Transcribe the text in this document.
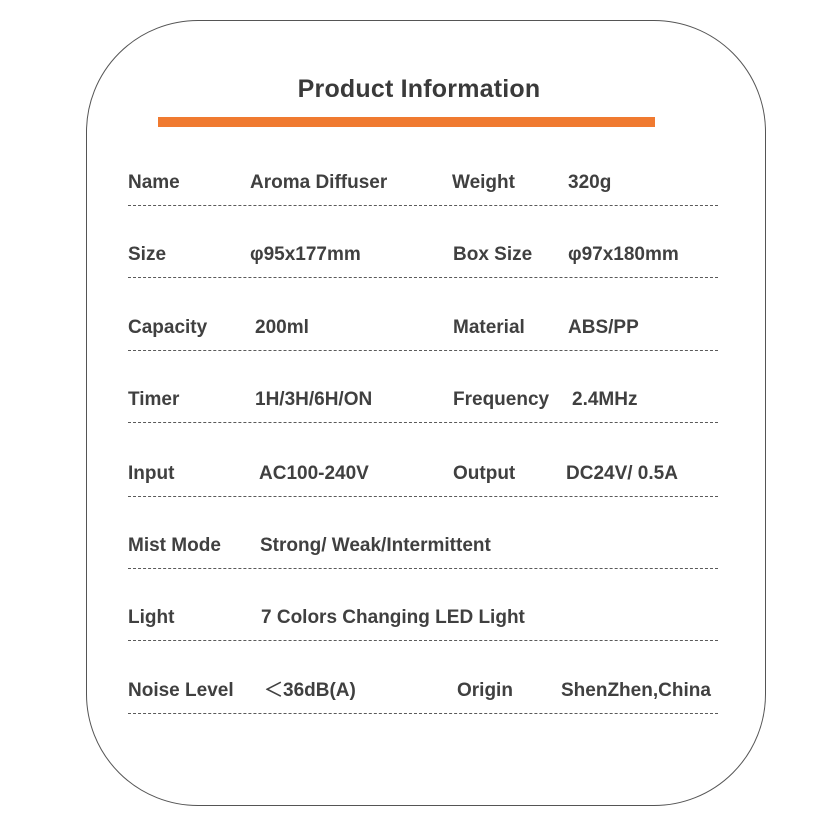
Product Information
Name	Aroma Diffuser	Weight	320g
Size	φ95x177mm	Box Size φ97x180mm
Capacity	200ml	Material ABS/PP
Timer	1H/3H/6H/ON	Frequency 2.4MHz
Input	AC100-240V	Output	DC24V/ 0.5A
Mist Mode Strong/ Weak/Intermittent
Light	7 Colors Changing LED Light
Noise Level ＜36dB(A)	Origin	ShenZhen,China
